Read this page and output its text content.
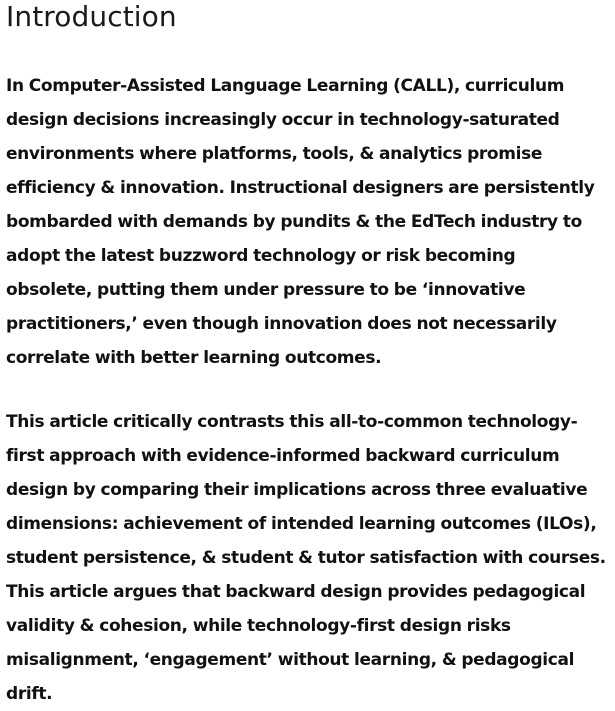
Introduction

In Computer-Assisted Language Learning (CALL), curriculum
design decisions increasingly occur in technology-saturated
environments where platforms, tools, & analytics promise
efficiency & innovation. Instructional designers are persistently
bombarded with demands by pundits & the EdTech industry to
adopt the latest buzzword technology or risk becoming
obsolete, putting them under pressure to be ‘innovative
practitioners,’ even though innovation does not necessarily
correlate with better learning outcomes.

This article critically contrasts this all-to-common technology-
first approach with evidence-informed backward curriculum
design by comparing their implications across three evaluative
dimensions: achievement of intended learning outcomes (ILOs),
student persistence, & student & tutor satisfaction with courses.
This article argues that backward design provides pedagogical
validity & cohesion, while technology-first design risks
misalignment, ‘engagement’ without learning, & pedagogical
drift.
